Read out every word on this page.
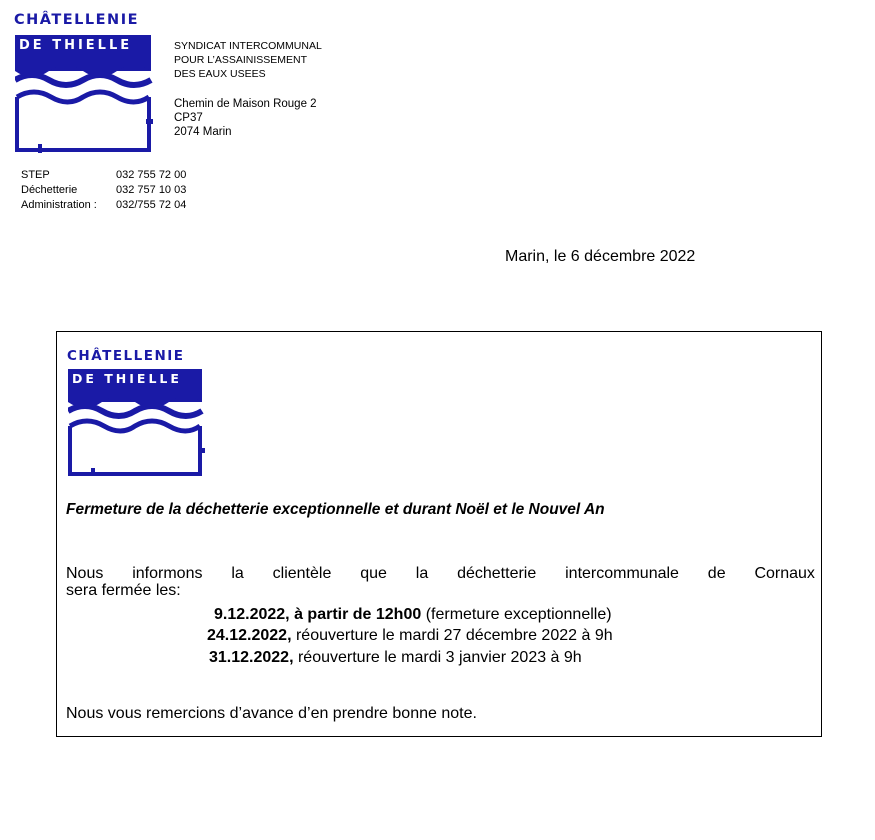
CHÂTELLENIE
DE THIELLE	SYNDICAT INTERCOMMUNAL
POUR L’ASSAINISSEMENT
DES EAUX USEES
Chemin de Maison Rouge 2
CP37
2074 Marin
STEP	032 755 72 00
Déchetterie	032 757 10 03
Administration : 032/755 72 04
Marin, le 6 décembre 2022
CHÂTELLENIE
DE THIELLE
Fermeture de la déchetterie exceptionnelle et durant Noël et le Nouvel An
Nous informons la clientèle que la déchetterie intercommunale de Cornaux
sera fermée les:
9.12.2022, à partir de 12h00 (fermeture exceptionnelle)
24.12.2022, réouverture le mardi 27 décembre 2022 à 9h
31.12.2022, réouverture le mardi 3 janvier 2023 à 9h
Nous vous remercions d’avance d’en prendre bonne note.
